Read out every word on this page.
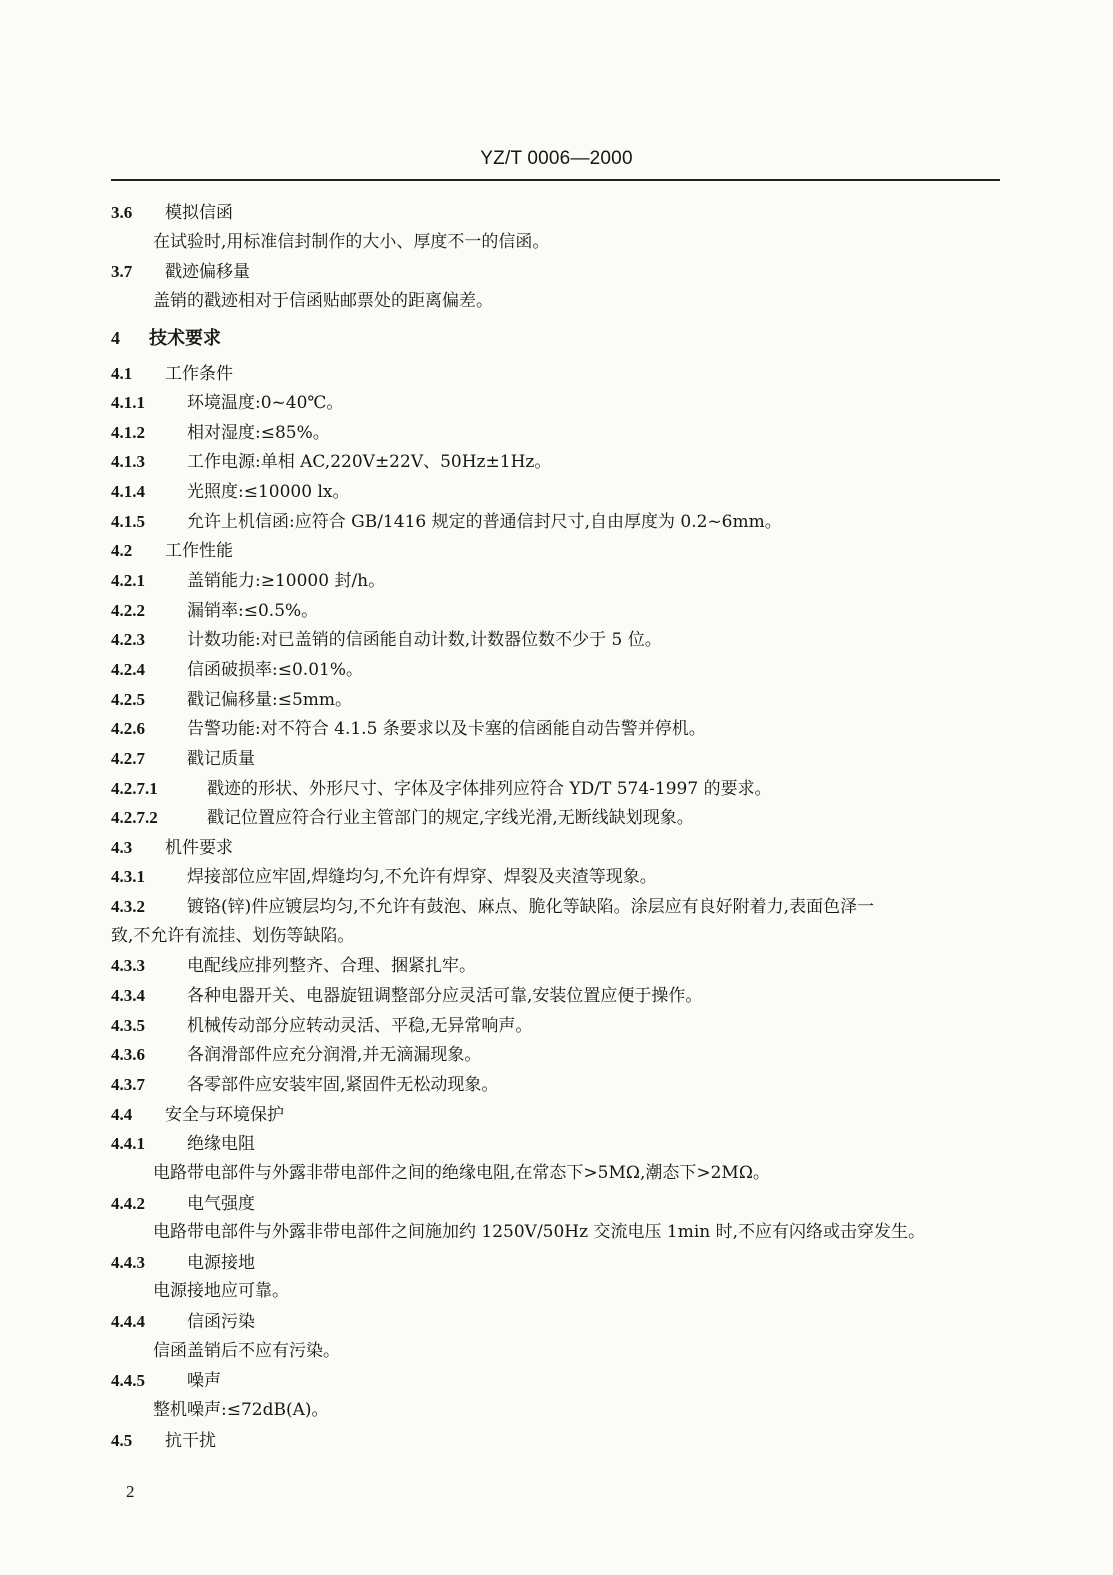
YZ/T 0006—2000
3.6 模拟信函
在试验时,用标准信封制作的大小、厚度不一的信函。
3.7 戳迹偏移量
盖销的戳迹相对于信函贴邮票处的距离偏差。
4 技术要求
4.1 工作条件
4.1.1 环境温度:0~40℃。
4.1.2 相对湿度:≤85%。
4.1.3 工作电源:单相 AC,220V±22V、50Hz±1Hz。
4.1.4 光照度:≤10000 lx。
4.1.5 允许上机信函:应符合 GB/1416 规定的普通信封尺寸,自由厚度为 0.2~6mm。
4.2 工作性能
4.2.1 盖销能力:≥10000 封/h。
4.2.2 漏销率:≤0.5%。
4.2.3 计数功能:对已盖销的信函能自动计数,计数器位数不少于 5 位。
4.2.4 信函破损率:≤0.01%。
4.2.5 戳记偏移量:≤5mm。
4.2.6 告警功能:对不符合 4.1.5 条要求以及卡塞的信函能自动告警并停机。
4.2.7 戳记质量
4.2.7.1	戳迹的形状、外形尺寸、字体及字体排列应符合 YD/T 574-1997 的要求。
4.2.7.2	戳记位置应符合行业主管部门的规定,字线光滑,无断线缺划现象。
4.3 机件要求
4.3.1 焊接部位应牢固,焊缝均匀,不允许有焊穿、焊裂及夹渣等现象。
4.3.2 镀铬(锌)件应镀层均匀,不允许有鼓泡、麻点、脆化等缺陷。涂层应有良好附着力,表面色泽一
致,不允许有流挂、划伤等缺陷。
4.3.3 电配线应排列整齐、合理、捆紧扎牢。
4.3.4 各种电器开关、电器旋钮调整部分应灵活可靠,安装位置应便于操作。
4.3.5 机械传动部分应转动灵活、平稳,无异常响声。
4.3.6 各润滑部件应充分润滑,并无滴漏现象。
4.3.7 各零部件应安装牢固,紧固件无松动现象。
4.4 安全与环境保护
4.4.1 绝缘电阻
电路带电部件与外露非带电部件之间的绝缘电阻,在常态下>5MΩ,潮态下>2MΩ。
4.4.2 电气强度
电路带电部件与外露非带电部件之间施加约 1250V/50Hz 交流电压 1min 时,不应有闪络或击穿发生。
4.4.3 电源接地
电源接地应可靠。
4.4.4 信函污染
信函盖销后不应有污染。
4.4.5 噪声
整机噪声:≤72dB(A)。
4.5 抗干扰
2
